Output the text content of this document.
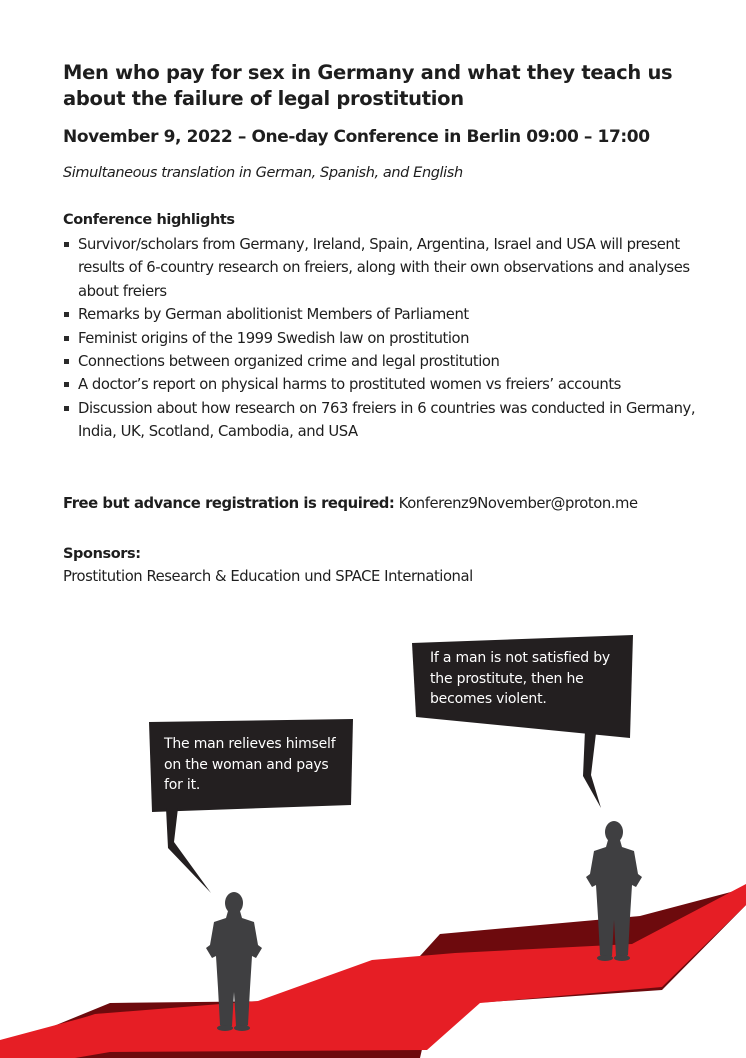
Men who pay for sex in Germany and what they teach us about the failure of legal prostitution
November 9, 2022 – One-day Conference in Berlin 09:00 – 17:00
Simultaneous translation in German, Spanish, and English
Conference highlights
Survivor/scholars from Germany, Ireland, Spain, Argentina, Israel and USA will present results of 6-country research on freiers, along with their own observations and analyses about freiers
Remarks by German abolitionist Members of Parliament
Feminist origins of the 1999 Swedish law on prostitution
Connections between organized crime and legal prostitution
A doctor’s report on physical harms to prostituted women vs freiers’ accounts
Discussion about how research on 763 freiers in 6 countries was conducted in Germany, India, UK, Scotland, Cambodia, and USA
Free but advance registration is required: Konferenz9November@proton.me
Sponsors:
Prostitution Research & Education und SPACE International
If a man is not satisfied by the prostitute, then he becomes violent.
The man relieves himself on the woman and pays for it.
